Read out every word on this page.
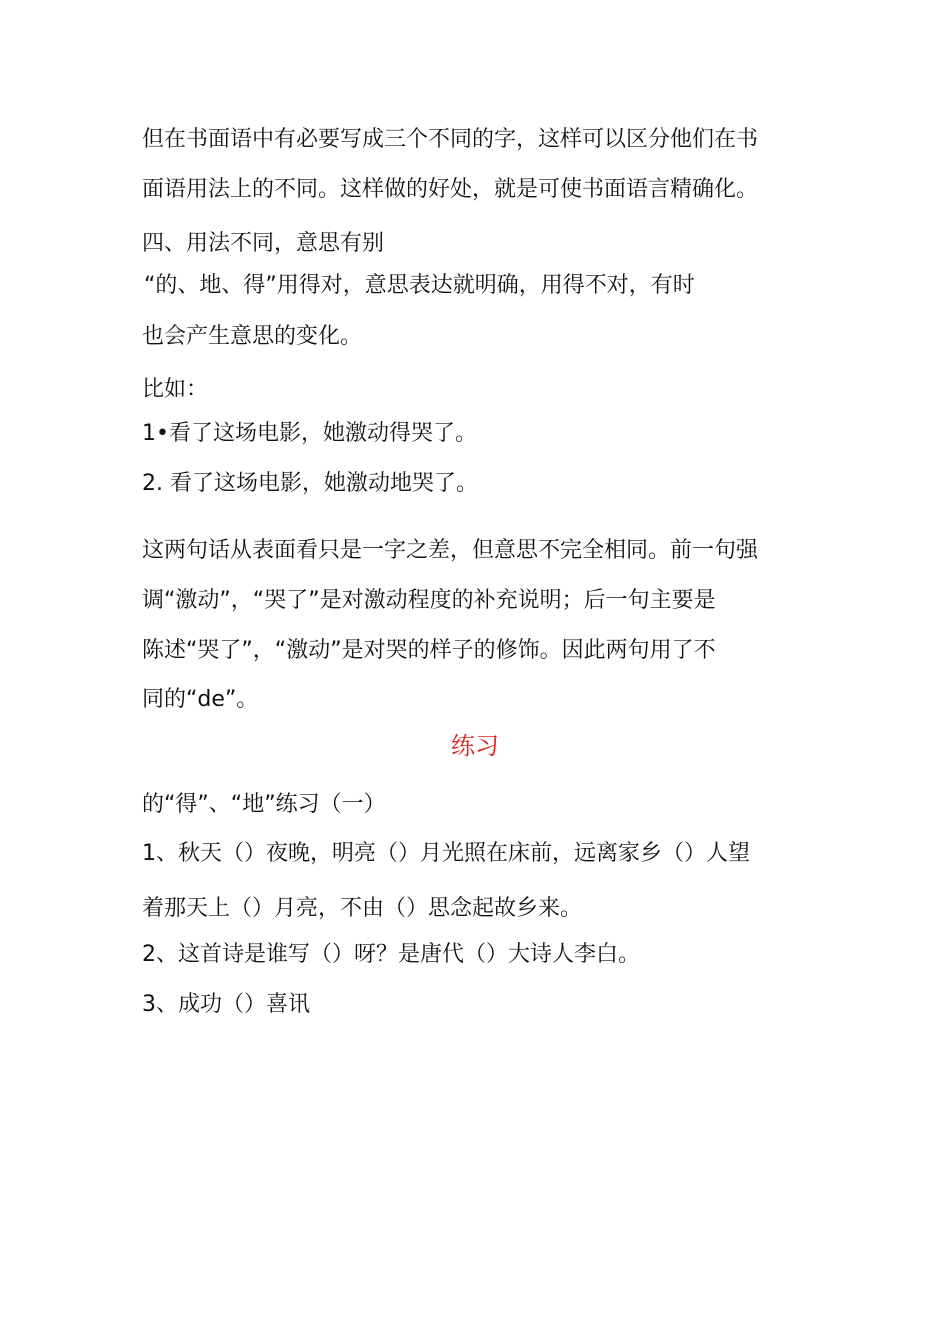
但在书面语中有必要写成三个不同的字，这样可以区分他们在书
面语用法上的不同。这样做的好处，就是可使书面语言精确化。
四、用法不同，意思有别
“的、地、得”用得对，意思表达就明确，用得不对，有时
也会产生意思的变化。
比如：
1•看了这场电影，她激动得哭了。
2. 看了这场电影，她激动地哭了。
这两句话从表面看只是一字之差，但意思不完全相同。前一句强
调“激动”，“哭了”是对激动程度的补充说明；后一句主要是
陈述“哭了”，“激动”是对哭的样子的修饰。因此两句用了不
同的“de”。
练习
的“得”、“地”练习（一）
1、秋天（）夜晚，明亮（）月光照在床前，远离家乡（）人望
着那天上（）月亮，不由（）思念起故乡来。
2、这首诗是谁写（）呀？是唐代（）大诗人李白。
3、成功（）喜讯
